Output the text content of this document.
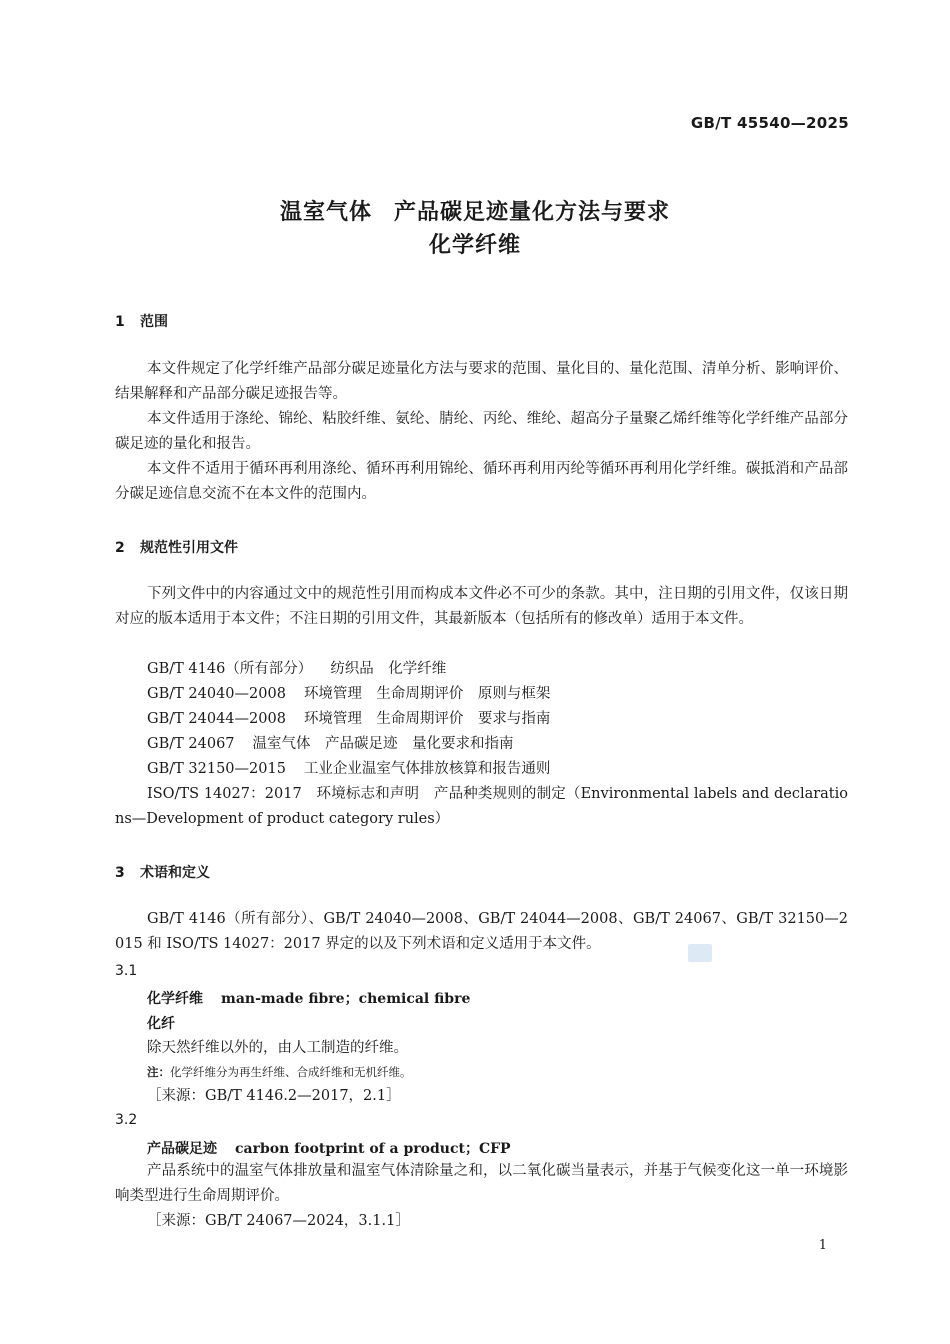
GB/T 45540—2025
温室气体 产品碳足迹量化方法与要求
化学纤维
1 范围

本文件规定了化学纤维产品部分碳足迹量化方法与要求的范围、量化目的、量化范围、清单分析、影响评价、结果解释和产品部分碳足迹报告等。

本文件适用于涤纶、锦纶、粘胶纤维、氨纶、腈纶、丙纶、维纶、超高分子量聚乙烯纤维等化学纤维产品部分碳足迹的量化和报告。

本文件不适用于循环再利用涤纶、循环再利用锦纶、循环再利用丙纶等循环再利用化学纤维。碳抵消和产品部分碳足迹信息交流不在本文件的范围内。

2 规范性引用文件

下列文件中的内容通过文中的规范性引用而构成本文件必不可少的条款。其中，注日期的引用文件，仅该日期对应的版本适用于本文件；不注日期的引用文件，其最新版本（包括所有的修改单）适用于本文件。

GB/T 4146（所有部分） 纺织品　化学纤维
GB/T 24040—2008 环境管理　生命周期评价　原则与框架
GB/T 24044—2008 环境管理　生命周期评价　要求与指南
GB/T 24067 温室气体　产品碳足迹　量化要求和指南
GB/T 32150—2015 工业企业温室气体排放核算和报告通则

ISO/TS 14027：2017　环境标志和声明　产品种类规则的制定（Environmental labels and declarations—Development of product category rules）

3 术语和定义

GB/T 4146（所有部分）、GB/T 24040—2008、GB/T 24044—2008、GB/T 24067、GB/T 32150—2015 和 ISO/TS 14027：2017 界定的以及下列术语和定义适用于本文件。

3.1
化学纤维 man-made fibre；chemical fibre
化纤
除天然纤维以外的，由人工制造的纤维。
注：化学纤维分为再生纤维、合成纤维和无机纤维。
［来源：GB/T 4146.2—2017，2.1］
3.2
产品碳足迹 carbon footprint of a product；CFP

产品系统中的温室气体排放量和温室气体清除量之和，以二氧化碳当量表示，并基于气候变化这一单一环境影响类型进行生命周期评价。

［来源：GB/T 24067—2024，3.1.1］
1
